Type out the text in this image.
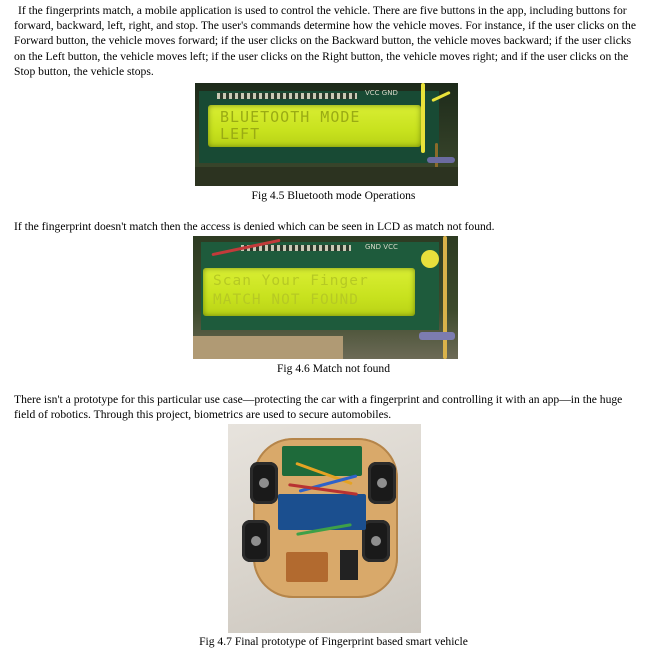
If the fingerprints match, a mobile application is used to control the vehicle. There are five buttons in the app, including buttons for forward, backward, left, right, and stop. The user's commands determine how the vehicle moves. For instance, if the user clicks on the Forward button, the vehicle moves forward; if the user clicks on the Backward button, the vehicle moves backward; if the user clicks on the Left button, the vehicle moves left; if the user clicks on the Right button, the vehicle moves right; and if the user clicks on the Stop button, the vehicle stops.

VCC GND
BLUETOOTH MODE
LEFT

Fig 4.5 Bluetooth mode Operations

If the fingerprint doesn't match then the access is denied which can be seen in LCD as match not found.

GND VCC
Scan Your Finger
MATCH NOT FOUND

Fig 4.6 Match not found

There isn't a prototype for this particular use case—protecting the car with a fingerprint and controlling it with an app—in the huge field of robotics. Through this project, biometrics are used to secure automobiles.

Fig 4.7 Final prototype of Fingerprint based smart vehicle
